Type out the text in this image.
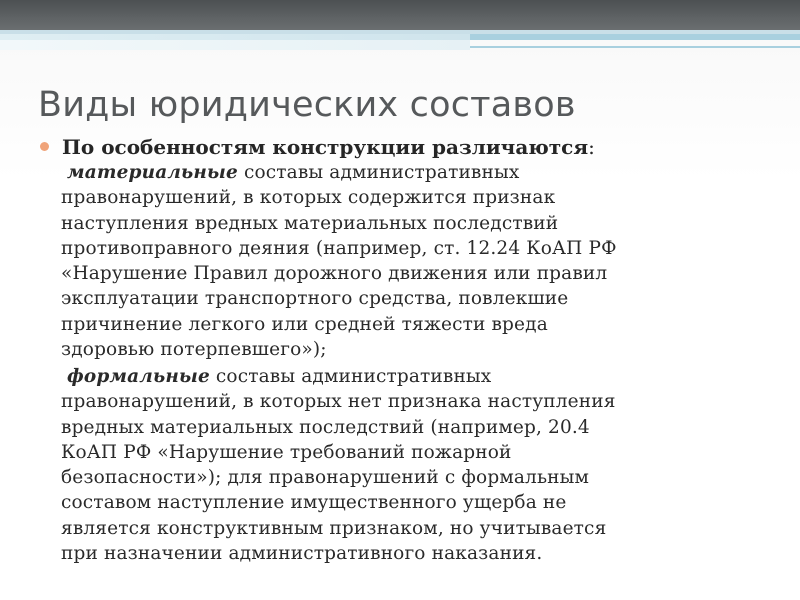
Виды юридических составов
По особенностям конструкции различаются:
материальные составы административных
правонарушений, в которых содержится признак
наступления вредных материальных последствий
противоправного деяния (например, ст. 12.24 КоАП РФ
«Нарушение Правил дорожного движения или правил
эксплуатации транспортного средства, повлекшие
причинение легкого или средней тяжести вреда
здоровью потерпевшего»);
формальные составы административных
правонарушений, в которых нет признака наступления
вредных материальных последствий (например, 20.4
КоАП РФ «Нарушение требований пожарной
безопасности»); для правонарушений с формальным
составом наступление имущественного ущерба не
является конструктивным признаком, но учитывается
при назначении административного наказания.
